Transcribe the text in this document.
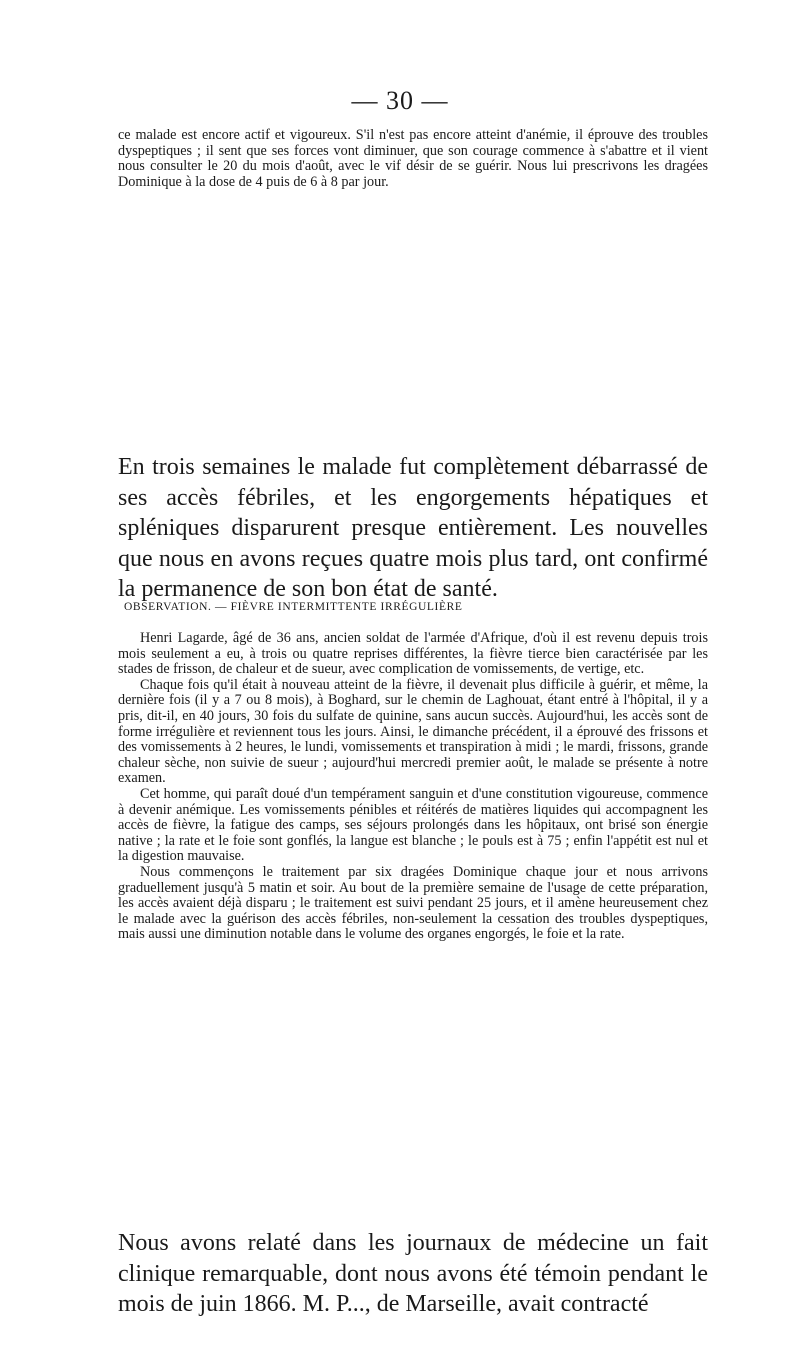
— 30 —

ce malade est encore actif et vigoureux. S'il n'est pas encore atteint d'anémie, il éprouve des troubles dyspeptiques ; il sent que ses forces vont diminuer, que son courage commence à s'abattre et il vient nous consulter le 20 du mois d'août, avec le vif désir de se guérir. Nous lui prescrivons les dragées Dominique à la dose de 4 puis de 6 à 8 par jour.

En trois semaines le malade fut complètement débarrassé de ses accès fébriles, et les engorgements hépatiques et spléniques disparurent presque entièrement. Les nouvelles que nous en avons reçues quatre mois plus tard, ont confirmé la permanence de son bon état de santé.

OBSERVATION. — FIÈVRE INTERMITTENTE IRRÉGULIÈRE

Henri Lagarde, âgé de 36 ans, ancien soldat de l'armée d'Afrique, d'où il est revenu depuis trois mois seulement a eu, à trois ou quatre reprises différentes, la fièvre tierce bien caractérisée par les stades de frisson, de chaleur et de sueur, avec complication de vomissements, de vertige, etc.

Chaque fois qu'il était à nouveau atteint de la fièvre, il devenait plus difficile à guérir, et même, la dernière fois (il y a 7 ou 8 mois), à Boghard, sur le chemin de Laghouat, étant entré à l'hôpital, il y a pris, dit-il, en 40 jours, 30 fois du sulfate de quinine, sans aucun succès. Aujourd'hui, les accès sont de forme irrégulière et reviennent tous les jours. Ainsi, le dimanche précédent, il a éprouvé des frissons et des vomissements à 2 heures, le lundi, vomissements et transpiration à midi ; le mardi, frissons, grande chaleur sèche, non suivie de sueur ; aujourd'hui mercredi premier août, le malade se présente à notre examen.

Cet homme, qui paraît doué d'un tempérament sanguin et d'une constitution vigoureuse, commence à devenir anémique. Les vomissements pénibles et réitérés de matières liquides qui accompagnent les accès de fièvre, la fatigue des camps, ses séjours prolongés dans les hôpitaux, ont brisé son énergie native ; la rate et le foie sont gonflés, la langue est blanche ; le pouls est à 75 ; enfin l'appétit est nul et la digestion mauvaise.

Nous commençons le traitement par six dragées Dominique chaque jour et nous arrivons graduellement jusqu'à 5 matin et soir. Au bout de la première semaine de l'usage de cette préparation, les accès avaient déjà disparu ; le traitement est suivi pendant 25 jours, et il amène heureusement chez le malade avec la guérison des accès fébriles, non-seulement la cessation des troubles dyspeptiques, mais aussi une diminution notable dans le volume des organes engorgés, le foie et la rate.

Nous avons relaté dans les journaux de médecine un fait clinique remarquable, dont nous avons été témoin pendant le mois de juin 1866. M. P..., de Marseille, avait contracté
